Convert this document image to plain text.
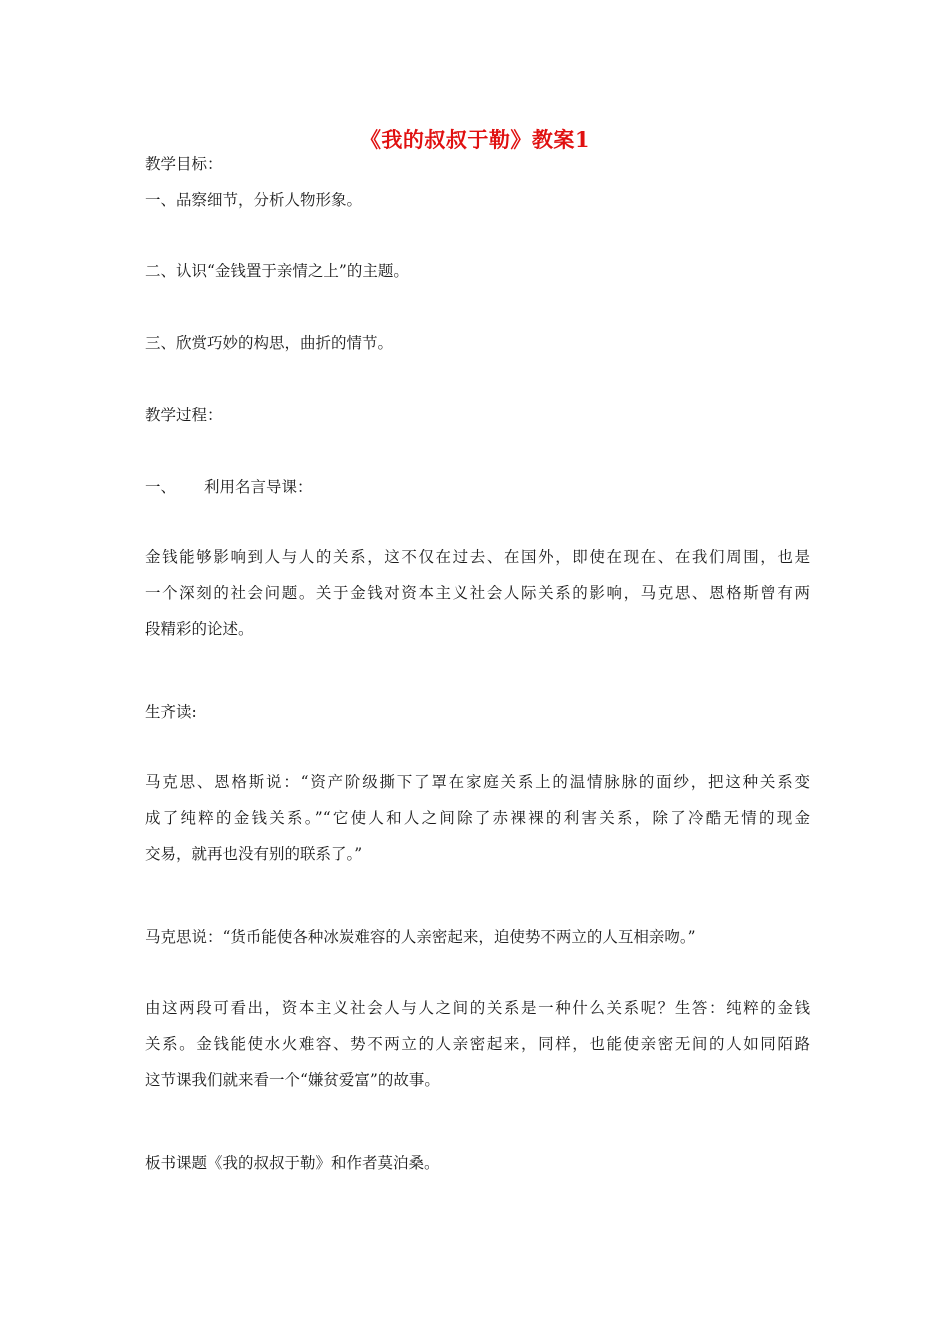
《我的叔叔于勒》教案1
教学目标：
一、品察细节，分析人物形象。
二、认识“金钱置于亲情之上”的主题。
三、欣赏巧妙的构思，曲折的情节。
教学过程：
一、 利用名言导课：
金钱能够影响到人与人的关系，这不仅在过去、在国外，即使在现在、在我们周围，也是
一个深刻的社会问题。关于金钱对资本主义社会人际关系的影响，马克思、恩格斯曾有两
段精彩的论述。
生齐读:
马克思、恩格斯说：“资产阶级撕下了罩在家庭关系上的温情脉脉的面纱，把这种关系变
成了纯粹的金钱关系。”“它使人和人之间除了赤裸裸的利害关系，除了冷酷无情的现金
交易，就再也没有别的联系了。”
马克思说：“货币能使各种冰炭难容的人亲密起来，迫使势不两立的人互相亲吻。”
由这两段可看出，资本主义社会人与人之间的关系是一种什么关系呢？生答：纯粹的金钱
关系。金钱能使水火难容、势不两立的人亲密起来，同样，也能使亲密无间的人如同陌路
这节课我们就来看一个“嫌贫爱富”的故事。
板书课题《我的叔叔于勒》和作者莫泊桑。
